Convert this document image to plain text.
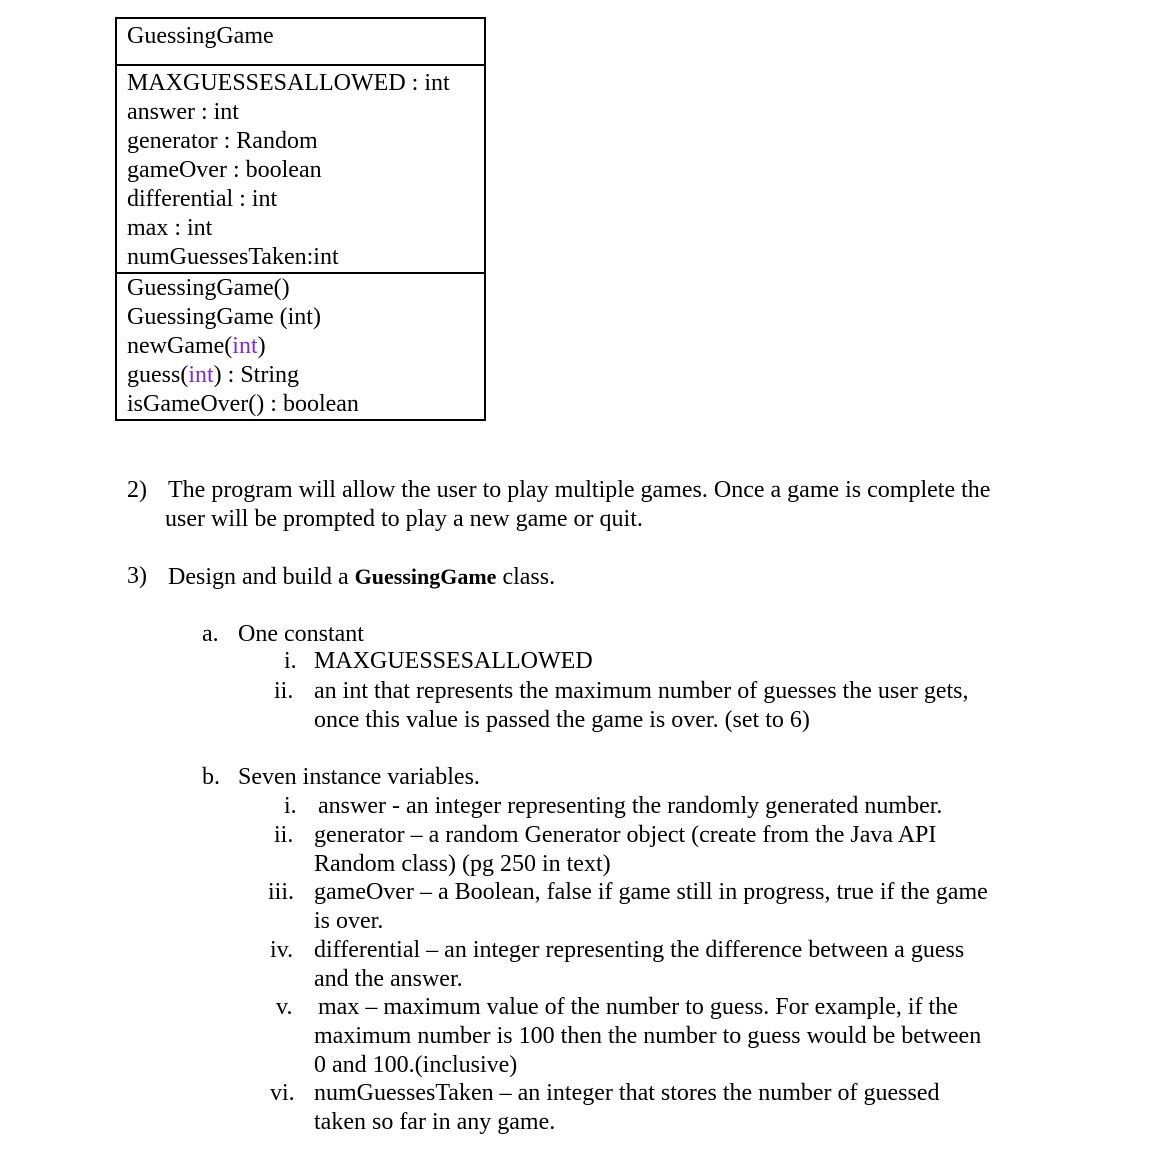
GuessingGame
MAXGUESSESALLOWED : int
answer : int
generator : Random
gameOver : boolean
differential : int
max : int
numGuessesTaken:int
GuessingGame()
GuessingGame (int)
newGame(int)
guess(int) : String
isGameOver() : boolean
2) The program will allow the user to play multiple games. Once a game is complete the
user will be prompted to play a new game or quit.
3) Design and build a GuessingGame class.
a. One constant
i. MAXGUESSESALLOWED
ii. an int that represents the maximum number of guesses the user gets,
once this value is passed the game is over. (set to 6)
b. Seven instance variables.
i. answer - an integer representing the randomly generated number.
ii. generator – a random Generator object (create from the Java API
Random class) (pg 250 in text)
iii. gameOver – a Boolean, false if game still in progress, true if the game
is over.
iv. differential – an integer representing the difference between a guess
and the answer.
v. max – maximum value of the number to guess. For example, if the
maximum number is 100 then the number to guess would be between
0 and 100.(inclusive)
vi. numGuessesTaken – an integer that stores the number of guessed
taken so far in any game.
